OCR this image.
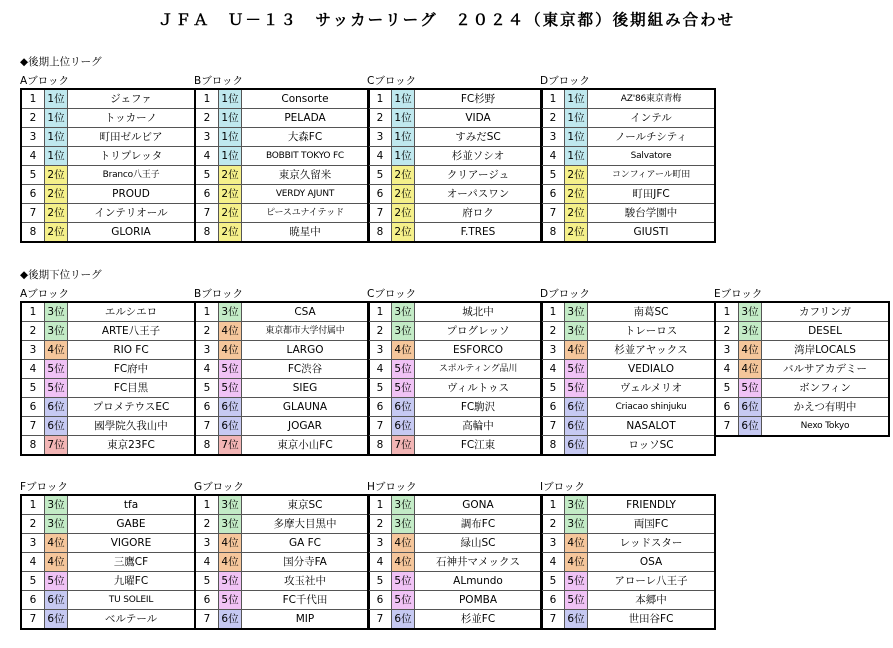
ＪＦＡ　Ｕ－１３　サッカーリーグ　２０２４（東京都）後期組み合わせ
◆後期上位リーグ
◆後期下位リーグ
Aブロック
1	1位	ジェファ
2	1位	トッカーノ
3	1位	町田ゼルビア
4	1位	トリプレッタ
5	2位	Branco八王子
6	2位	PROUD
7	2位	インテリオール
8	2位	GLORIA
Bブロック
1	1位	Consorte
2	1位	PELADA
3	1位	大森FC
4	1位	BOBBIT TOKYO FC
5	2位	東京久留米
6	2位	VERDY AJUNT
7	2位	ピースユナイテッド
8	2位	暁星中
Cブロック
1	1位	FC杉野
2	1位	VIDA
3	1位	すみだSC
4	1位	杉並ソシオ
5	2位	クリアージュ
6	2位	オーパスワン
7	2位	府ロク
8	2位	F.TRES
Dブロック
1	1位	AZ'86東京青梅
2	1位	インテル
3	1位	ノールチシティ
4	1位	Salvatore
5	2位	コンフィアール町田
6	2位	町田JFC
7	2位	駿台学園中
8	2位	GIUSTI
Aブロック
1	3位	エルシエロ
2	3位	ARTE八王子
3	4位	RIO FC
4	5位	FC府中
5	5位	FC目黒
6	6位	プロメテウスEC
7	6位	國學院久我山中
8	7位	東京23FC
Bブロック
1	3位	CSA
2	4位	東京都市大学付属中
3	4位	LARGO
4	5位	FC渋谷
5	5位	SIEG
6	6位	GLAUNA
7	6位	JOGAR
8	7位	東京小山FC
Cブロック
1	3位	城北中
2	3位	プログレッソ
3	4位	ESFORCO
4	5位	スポルティング品川
5	5位	ヴィルトゥス
6	6位	FC駒沢
7	6位	高輪中
8	7位	FC江東
Dブロック
1	3位	南葛SC
2	3位	トレーロス
3	4位	杉並アヤックス
4	5位	VEDIALO
5	5位	ヴェルメリオ
6	6位	Criacao shinjuku
7	6位	NASALOT
8	6位	ロッソSC
Eブロック
1	3位	カフリンガ
2	3位	DESEL
3	4位	湾岸LOCALS
4	4位	バルサアカデミー
5	5位	ボンフィン
6	6位	かえつ有明中
7	6位	Nexo Tokyo
Fブロック
1	3位	tfa
2	3位	GABE
3	4位	VIGORE
4	4位	三鷹CF
5	5位	九曜FC
6	6位	TU SOLEIL
7	6位	ベルテール
Gブロック
1	3位	東京SC
2	3位	多摩大目黒中
3	4位	GA FC
4	4位	国分寺FA
5	5位	攻玉社中
6	5位	FC千代田
7	6位	MIP
Hブロック
1	3位	GONA
2	3位	調布FC
3	4位	緑山SC
4	4位	石神井マメックス
5	5位	ALmundo
6	5位	POMBA
7	6位	杉並FC
Iブロック
1	3位	FRIENDLY
2	3位	両国FC
3	4位	レッドスター
4	4位	OSA
5	5位	アローレ八王子
6	5位	本郷中
7	6位	世田谷FC
